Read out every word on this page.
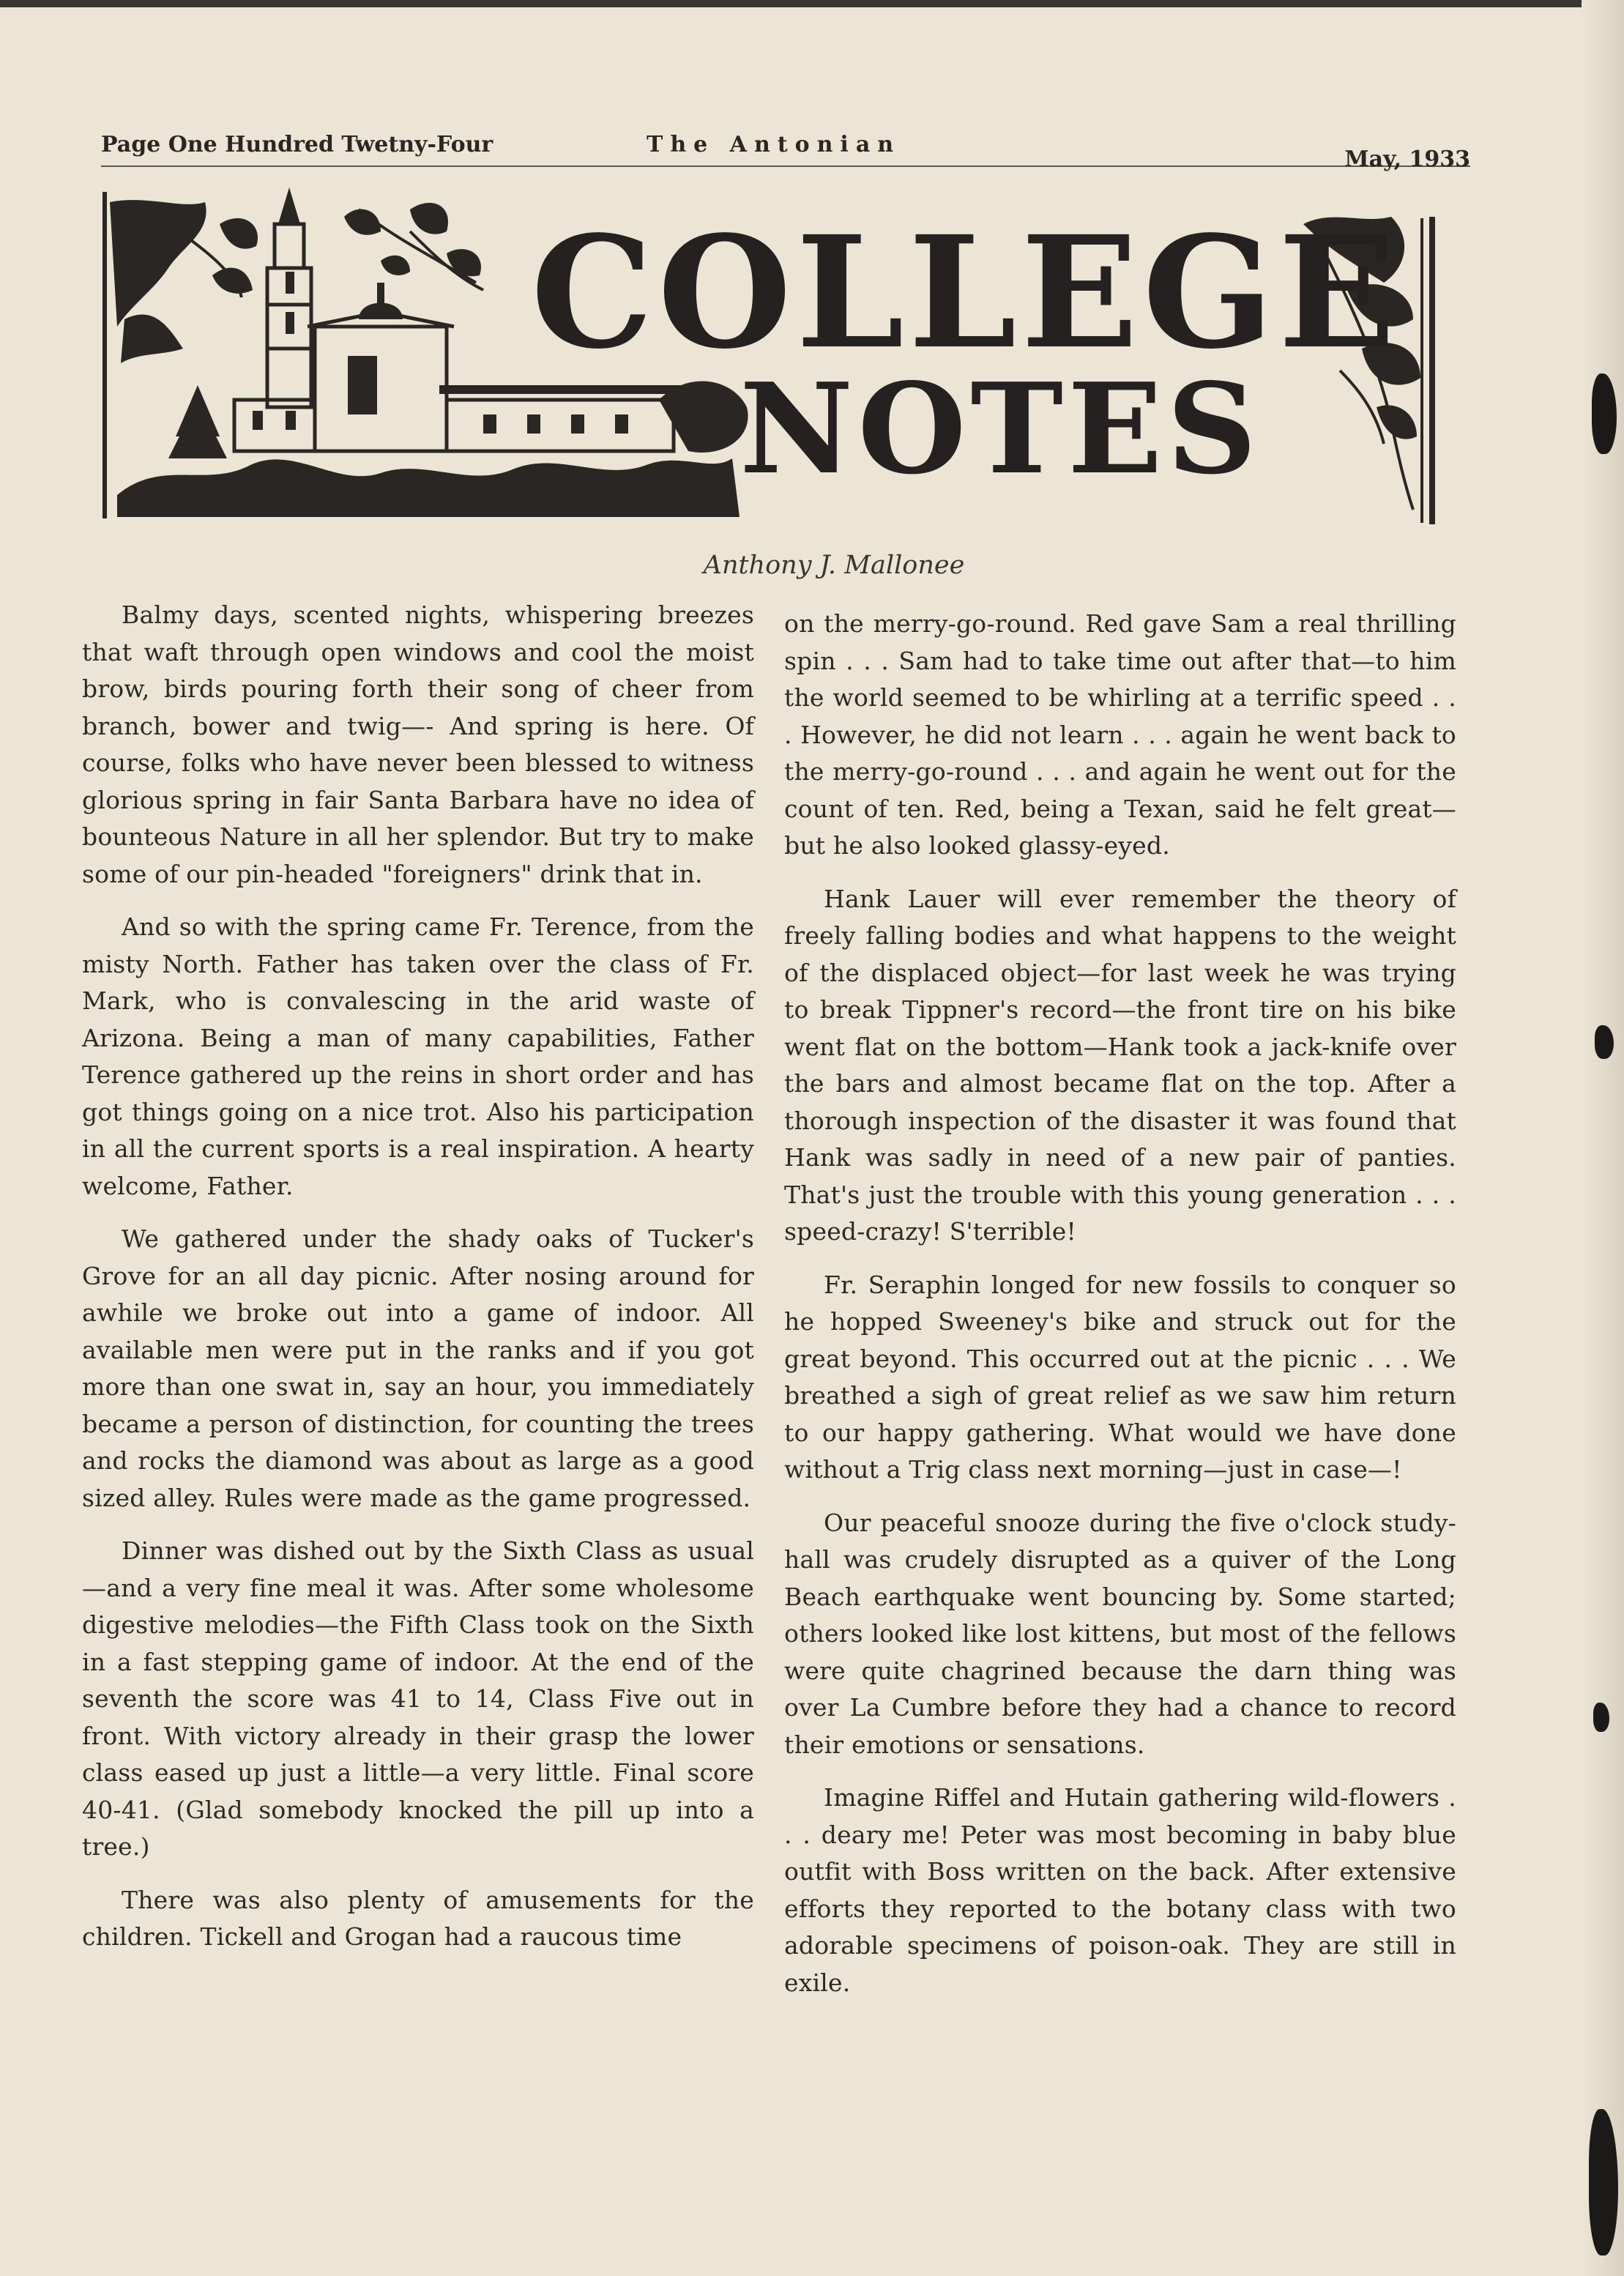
Page One Hundred Twetny-Four	The Antonian
May, 1933
COLLEGE
NOTES
Anthony J. Mallonee

Balmy days, scented nights, whispering breezes that waft through open windows and cool the moist brow, birds pouring forth their song of cheer from branch, bower and twig—- And spring is here. Of course, folks who have never been blessed to witness glorious spring in fair Santa Barbara have no idea of bounteous Nature in all her splendor. But try to make some of our pin-headed "foreigners" drink that in.

And so with the spring came Fr. Terence, from the misty North. Father has taken over the class of Fr. Mark, who is convalescing in the arid waste of Arizona. Being a man of many capabilities, Father Terence gathered up the reins in short order and has got things going on a nice trot. Also his participation in all the current sports is a real inspiration. A hearty welcome, Father.

We gathered under the shady oaks of Tucker's Grove for an all day picnic. After nosing around for awhile we broke out into a game of indoor. All available men were put in the ranks and if you got more than one swat in, say an hour, you immediately became a person of distinction, for counting the trees and rocks the diamond was about as large as a good sized alley. Rules were made as the game progressed.

Dinner was dished out by the Sixth Class as usual—and a very fine meal it was. After some wholesome digestive melodies—the Fifth Class took on the Sixth in a fast stepping game of indoor. At the end of the seventh the score was 41 to 14, Class Five out in front. With victory already in their grasp the lower class eased up just a little—a very little. Final score 40-41. (Glad somebody knocked the pill up into a tree.)

There was also plenty of amusements for the children. Tickell and Grogan had a raucous time

on the merry-go-round. Red gave Sam a real thrilling spin . . . Sam had to take time out after that—to him the world seemed to be whirling at a terrific speed . . . However, he did not learn . . . again he went back to the merry-go-round . . . and again he went out for the count of ten. Red, being a Texan, said he felt great—but he also looked glassy-eyed.

Hank Lauer will ever remember the theory of freely falling bodies and what happens to the weight of the displaced object—for last week he was trying to break Tippner's record—the front tire on his bike went flat on the bottom—Hank took a jack-knife over the bars and almost became flat on the top. After a thorough inspection of the disaster it was found that Hank was sadly in need of a new pair of panties. That's just the trouble with this young generation . . . speed-crazy! S'terrible!

Fr. Seraphin longed for new fossils to conquer so he hopped Sweeney's bike and struck out for the great beyond. This occurred out at the picnic . . . We breathed a sigh of great relief as we saw him return to our happy gathering. What would we have done without a Trig class next morning—just in case—!

Our peaceful snooze during the five o'clock study-hall was crudely disrupted as a quiver of the Long Beach earthquake went bouncing by. Some started; others looked like lost kittens, but most of the fellows were quite chagrined because the darn thing was over La Cumbre before they had a chance to record their emotions or sensations.

Imagine Riffel and Hutain gathering wild-flowers . . . deary me! Peter was most becoming in baby blue outfit with Boss written on the back. After extensive efforts they reported to the botany class with two adorable specimens of poison-oak. They are still in exile.
